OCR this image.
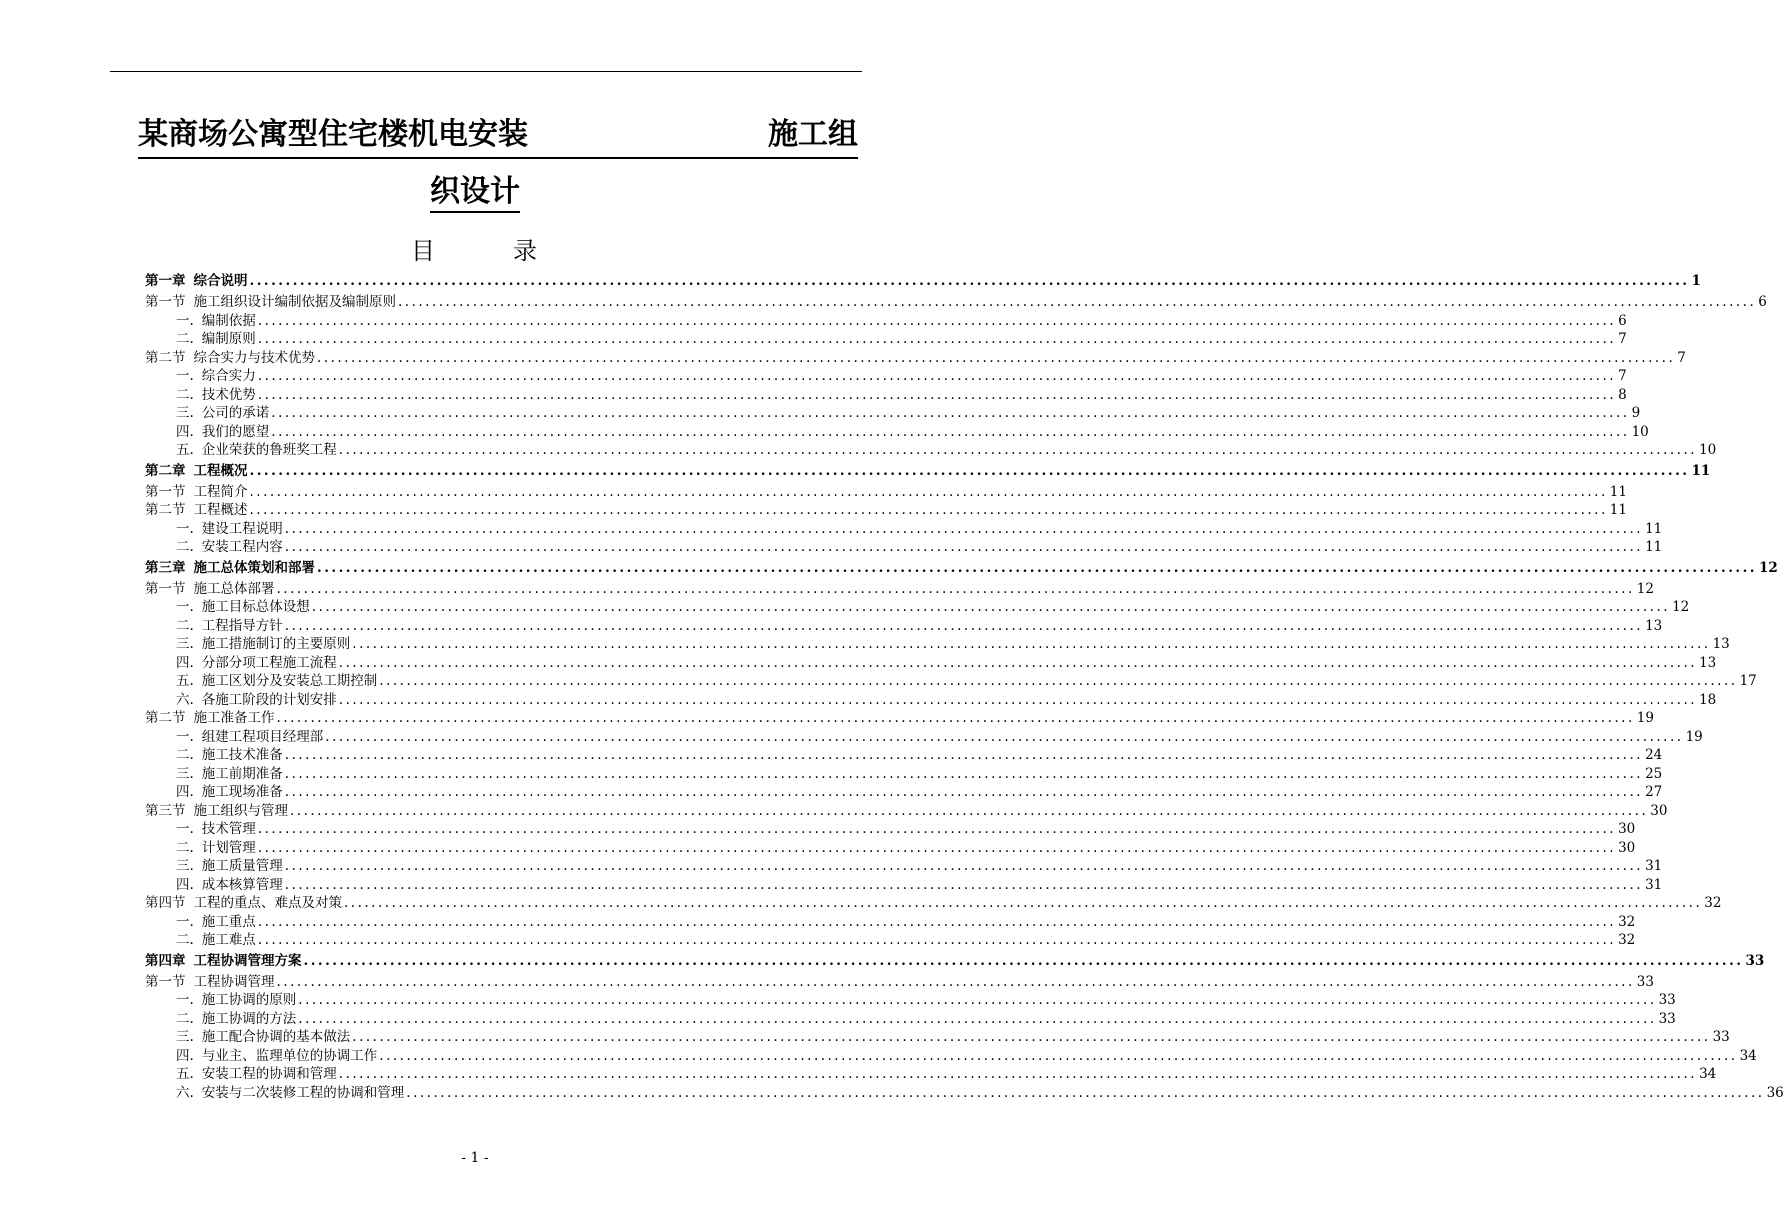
某商场公寓型住宅楼机电安装	施工组
织设计
目	录
第一章 综合说明 ........................................................................................................................................................................................................ 1
第一节 施工组织设计编制依据及编制原则 ........................................................................................................................................................................................................ 6
一. 编制依据 ........................................................................................................................................................................................................ 6
二. 编制原则 ........................................................................................................................................................................................................ 7
第二节 综合实力与技术优势 ........................................................................................................................................................................................................ 7
一. 综合实力 ........................................................................................................................................................................................................ 7
二. 技术优势 ........................................................................................................................................................................................................ 8
三. 公司的承诺 ........................................................................................................................................................................................................ 9
四. 我们的愿望 ........................................................................................................................................................................................................ 10
五. 企业荣获的鲁班奖工程 ........................................................................................................................................................................................................ 10
第二章 工程概况 ........................................................................................................................................................................................................ 11
第一节 工程简介 ........................................................................................................................................................................................................ 11
第二节 工程概述 ........................................................................................................................................................................................................ 11
一. 建设工程说明 ........................................................................................................................................................................................................ 11
二. 安装工程内容 ........................................................................................................................................................................................................ 11
第三章 施工总体策划和部署 ........................................................................................................................................................................................................ 12
第一节 施工总体部署 ........................................................................................................................................................................................................ 12
一. 施工目标总体设想 ........................................................................................................................................................................................................ 12
二. 工程指导方针 ........................................................................................................................................................................................................ 13
三. 施工措施制订的主要原则 ........................................................................................................................................................................................................ 13
四. 分部分项工程施工流程 ........................................................................................................................................................................................................ 13
五. 施工区划分及安装总工期控制 ........................................................................................................................................................................................................ 17
六. 各施工阶段的计划安排 ........................................................................................................................................................................................................ 18
第二节 施工准备工作 ........................................................................................................................................................................................................ 19
一. 组建工程项目经理部 ........................................................................................................................................................................................................ 19
二. 施工技术准备 ........................................................................................................................................................................................................ 24
三. 施工前期准备 ........................................................................................................................................................................................................ 25
四. 施工现场准备 ........................................................................................................................................................................................................ 27
第三节 施工组织与管理 ........................................................................................................................................................................................................ 30
一. 技术管理 ........................................................................................................................................................................................................ 30
二. 计划管理 ........................................................................................................................................................................................................ 30
三. 施工质量管理 ........................................................................................................................................................................................................ 31
四. 成本核算管理 ........................................................................................................................................................................................................ 31
第四节 工程的重点、难点及对策 ........................................................................................................................................................................................................ 32
一. 施工重点 ........................................................................................................................................................................................................ 32
二. 施工难点 ........................................................................................................................................................................................................ 32
第四章 工程协调管理方案 ........................................................................................................................................................................................................ 33
第一节 工程协调管理 ........................................................................................................................................................................................................ 33
一. 施工协调的原则 ........................................................................................................................................................................................................ 33
二. 施工协调的方法 ........................................................................................................................................................................................................ 33
三. 施工配合协调的基本做法 ........................................................................................................................................................................................................ 33
四. 与业主、监理单位的协调工作 ........................................................................................................................................................................................................ 34
五. 安装工程的协调和管理 ........................................................................................................................................................................................................ 34
六. 安装与二次装修工程的协调和管理 ........................................................................................................................................................................................................ 36
- 1 -
